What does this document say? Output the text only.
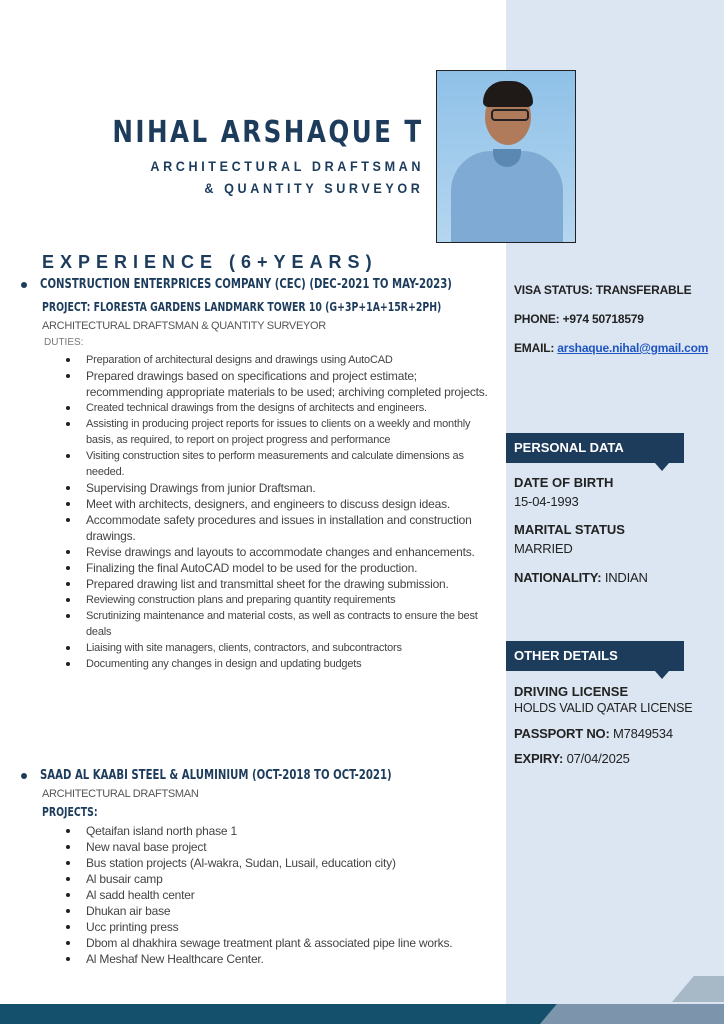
NIHAL ARSHAQUE T
ARCHITECTURAL DRAFTSMAN
& QUANTITY SURVEYOR
EXPERIENCE (6+YEARS)
CONSTRUCTION ENTERPRICES COMPANY (CEC) (DEC-2021 TO MAY-2023)
PROJECT: FLORESTA GARDENS LANDMARK TOWER 10 (G+3P+1A+15R+2PH)
ARCHITECTURAL DRAFTSMAN & QUANTITY SURVEYOR
DUTIES:
Preparation of architectural designs and drawings using AutoCAD
Prepared drawings based on specifications and project estimate; recommending appropriate materials to be used; archiving completed projects.
Created technical drawings from the designs of architects and engineers.
Assisting in producing project reports for issues to clients on a weekly and monthly basis, as required, to report on project progress and performance
Visiting construction sites to perform measurements and calculate dimensions as needed.
Supervising Drawings from junior Draftsman.
Meet with architects, designers, and engineers to discuss design ideas.
Accommodate safety procedures and issues in installation and construction drawings.
Revise drawings and layouts to accommodate changes and enhancements.
Finalizing the final AutoCAD model to be used for the production.
Prepared drawing list and transmittal sheet for the drawing submission.
Reviewing construction plans and preparing quantity requirements
Scrutinizing maintenance and material costs, as well as contracts to ensure the best deals
Liaising with site managers, clients, contractors, and subcontractors
Documenting any changes in design and updating budgets
SAAD AL KAABI STEEL & ALUMINIUM (OCT-2018 TO OCT-2021)
ARCHITECTURAL DRAFTSMAN
PROJECTS:
Qetaifan island north phase 1
New naval base project
Bus station projects (Al-wakra, Sudan, Lusail, education city)
Al busair camp
Al sadd health center
Dhukan air base
Ucc printing press
Dbom al dhakhira sewage treatment plant & associated pipe line works.
Al Meshaf New Healthcare Center.
VISA STATUS: TRANSFERABLE
PHONE: +974 50718579
EMAIL: arshaque.nihal@gmail.com
PERSONAL DATA
DATE OF BIRTH
15-04-1993
MARITAL STATUS
MARRIED
NATIONALITY: INDIAN
OTHER DETAILS
DRIVING LICENSE
HOLDS VALID QATAR LICENSE
PASSPORT NO: M7849534
EXPIRY: 07/04/2025
